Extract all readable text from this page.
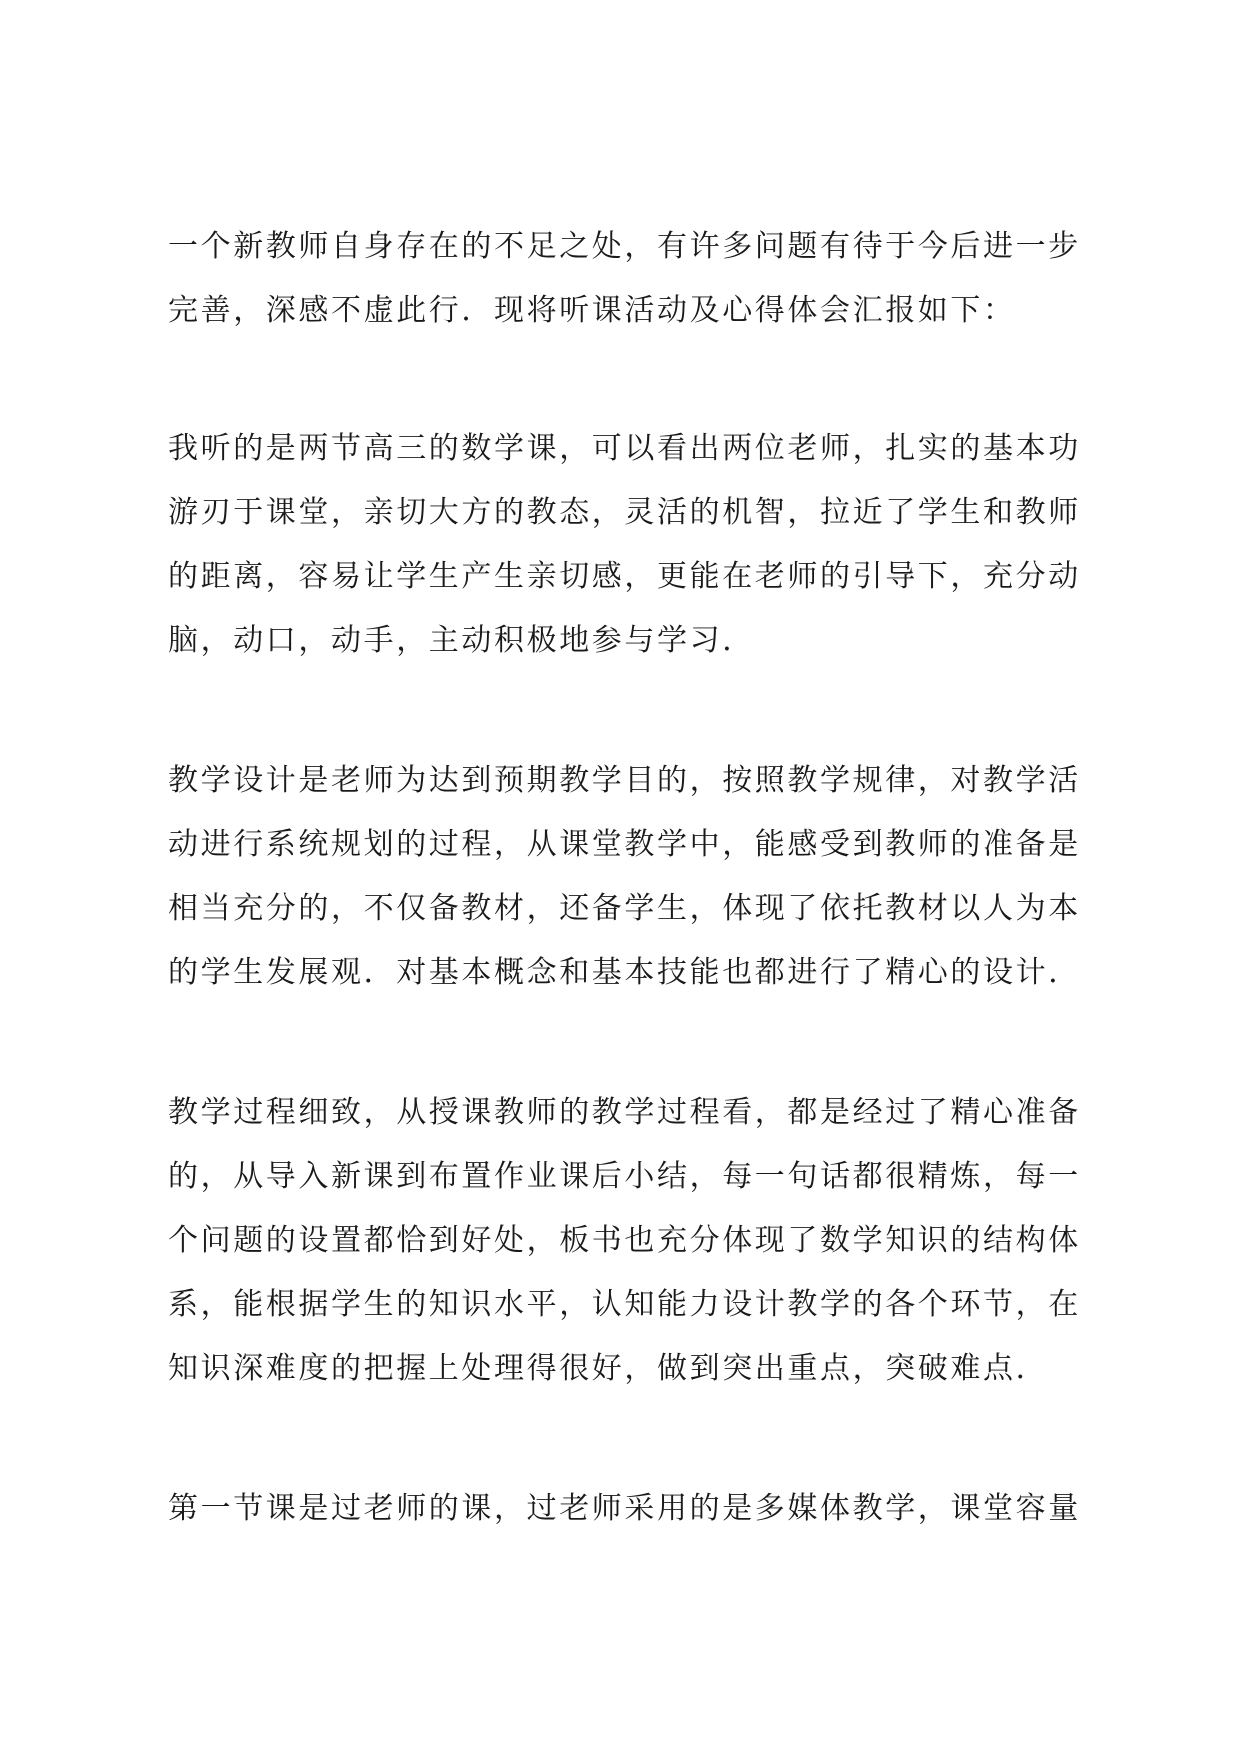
一个新教师自身存在的不足之处，有许多问题有待于今后进一步
完善，深感不虚此行．现将听课活动及心得体会汇报如下：
我听的是两节高三的数学课，可以看出两位老师，扎实的基本功
游刃于课堂，亲切大方的教态，灵活的机智，拉近了学生和教师
的距离，容易让学生产生亲切感，更能在老师的引导下，充分动
脑，动口，动手，主动积极地参与学习．
教学设计是老师为达到预期教学目的，按照教学规律，对教学活
动进行系统规划的过程，从课堂教学中，能感受到教师的准备是
相当充分的，不仅备教材，还备学生，体现了依托教材以人为本
的学生发展观．对基本概念和基本技能也都进行了精心的设计．
教学过程细致，从授课教师的教学过程看，都是经过了精心准备
的，从导入新课到布置作业课后小结，每一句话都很精炼，每一
个问题的设置都恰到好处，板书也充分体现了数学知识的结构体
系，能根据学生的知识水平，认知能力设计教学的各个环节，在
知识深难度的把握上处理得很好，做到突出重点，突破难点．
第一节课是过老师的课，过老师采用的是多媒体教学，课堂容量
